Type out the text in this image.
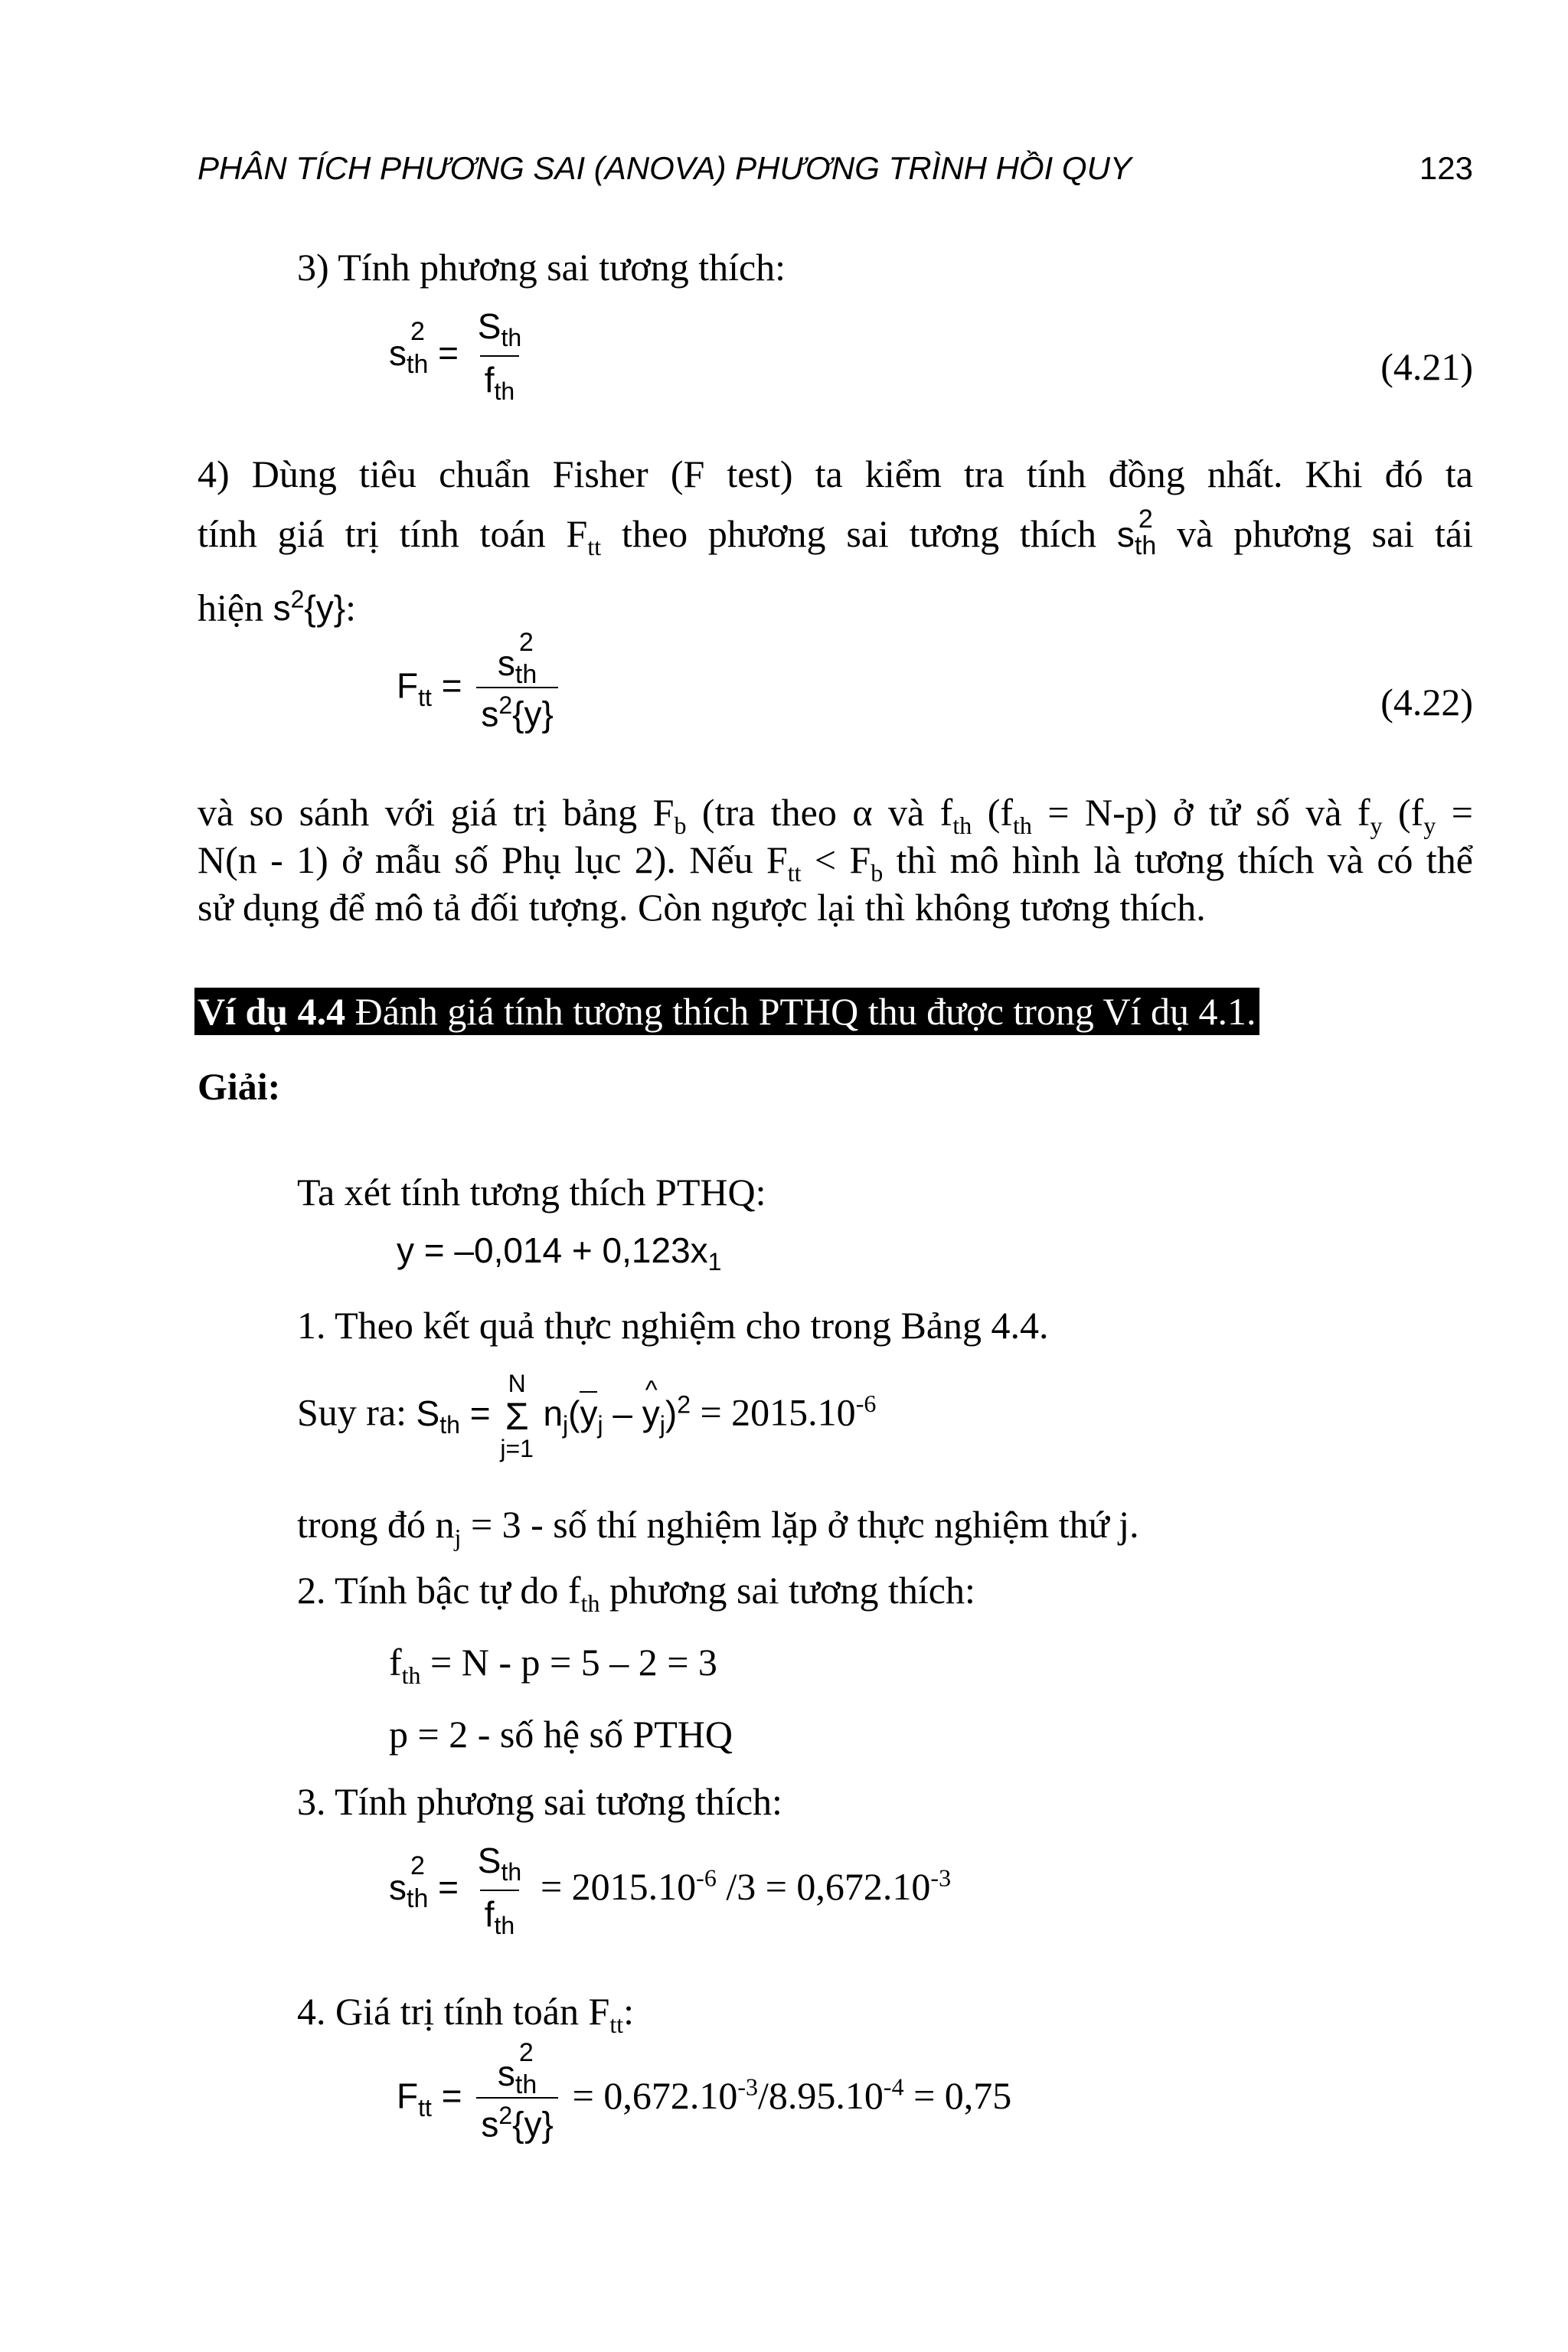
PHÂN TÍCH PHƯƠNG SAI (ANOVA) PHƯƠNG TRÌNH HỒI QUY	123
3) Tính phương sai tương thích:
s
2
$_{th} = \frac{S_{th}}{f_{th}}$	(4.21)
4) Dùng tiêu chuẩn Fisher (F test) ta kiểm tra tính đồng nhất. Khi đó ta
tính giá trị tính toán $F_{tt}$ theo phương sai tương thích s 2
$_{th}$ và phương sai tái
hiện $s^2\{y\}$:
$F_{tt} = s$
2
$_{th}$
$s^2\{y\}$	(4.22)
và so sánh với giá trị bảng $F_b$ (tra theo α và $f_{th}$ $(f_{th} = N-p)$ ở tử số và $f_y$ ($f_y$ =
N(n - 1) ở mẫu số Phụ lục 2). Nếu $F_{tt} < F_b$ thì mô hình là tương thích và có thể
sử dụng để mô tả đối tượng. Còn ngược lại thì không tương thích.
Ví dụ 4.4 Đánh giá tính tương thích PTHQ thu được trong Ví dụ 4.1.
Giải:
Ta xét tính tương thích PTHQ:
$y = -0,014 + 0,123x_1$
1. Theo kết quả thực nghiệm cho trong Bảng 4.4.
Suy ra: $S_{th}$ =
N
Σ
j=1
$n_j(y_j$ – ^ $y_j)^2 = 2015.10^{-6}$
trong đó $n_j = 3$ - số thí nghiệm lặp ở thực nghiệm thứ j.
2. Tính bậc tự do $f_{th}$ phương sai tương thích:
$f_{th} = N - p = 5 - 2 = 3$
p = 2 - số hệ số PTHQ
3. Tính phương sai tương thích:
s
2
$_{th} = \frac{S_{th}}{f_{th}} = 2015.10^{-6}$ $/3 = 0,672.10^{-3}$
4. Giá trị tính toán $F_{tt}$:
$F_{tt} = s$
2
$_{th}$
$s^2\{y\} = 0,672.10^{-3}/8.95.10^{-4} = 0,75$
